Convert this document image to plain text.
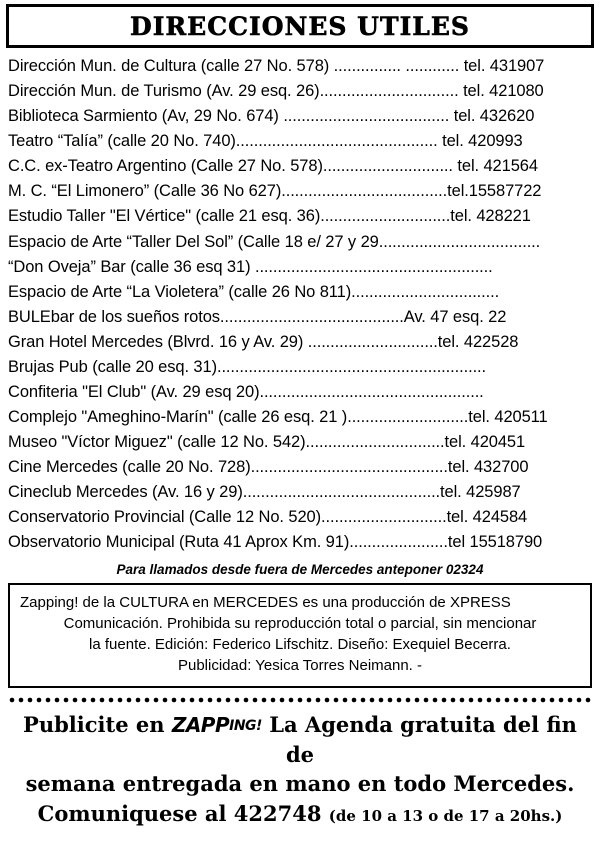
DIRECCIONES UTILES
Dirección Mun. de Cultura (calle 27 No. 578) ............... ............ tel. 431907
Dirección Mun. de Turismo (Av. 29 esq. 26)............................... tel. 421080
Biblioteca Sarmiento (Av, 29 No. 674) ..................................... tel. 432620
Teatro “Talía” (calle 20 No. 740)............................................. tel. 420993
C.C. ex-Teatro Argentino (Calle 27 No. 578)............................. tel. 421564
M. C. “El Limonero” (Calle 36 No 627).....................................tel.15587722
Estudio Taller "El Vértice" (calle 21 esq. 36).............................tel. 428221
Espacio de Arte “Taller Del Sol” (Calle 18 e/ 27 y 29....................................
“Don Oveja” Bar (calle 36 esq 31) .....................................................
Espacio de Arte “La Violetera” (calle 26 No 811).................................
BULEbar de los sueños rotos.........................................Av. 47 esq. 22
Gran Hotel Mercedes (Blvrd. 16 y Av. 29) .............................tel. 422528
Brujas Pub (calle 20 esq. 31)............................................................
Confiteria "El Club" (Av. 29 esq 20)..................................................
Complejo "Ameghino-Marín" (calle 26 esq. 21 )...........................tel. 420511
Museo "Víctor Miguez" (calle 12 No. 542)...............................tel. 420451
Cine Mercedes (calle 20 No. 728)............................................tel. 432700
Cineclub Mercedes (Av. 16 y 29)............................................tel. 425987
Conservatorio Provincial (Calle 12 No. 520)............................tel. 424584
Observatorio Municipal (Ruta 41 Aprox Km. 91)......................tel 15518790
Para llamados desde fuera de Mercedes anteponer 02324
Zapping! de la CULTURA en MERCEDES es una producción de XPRESS
Comunicación. Prohibida su reproducción total o parcial, sin mencionar
la fuente. Edición: Federico Lifschitz. Diseño: Exequiel Becerra.
Publicidad: Yesica Torres Neimann. -
Publicite en ZAPPING! La Agenda gratuita del fin de
semana entregada en mano en todo Mercedes.
Comuniquese al 422748 (de 10 a 13 o de 17 a 20hs.)
